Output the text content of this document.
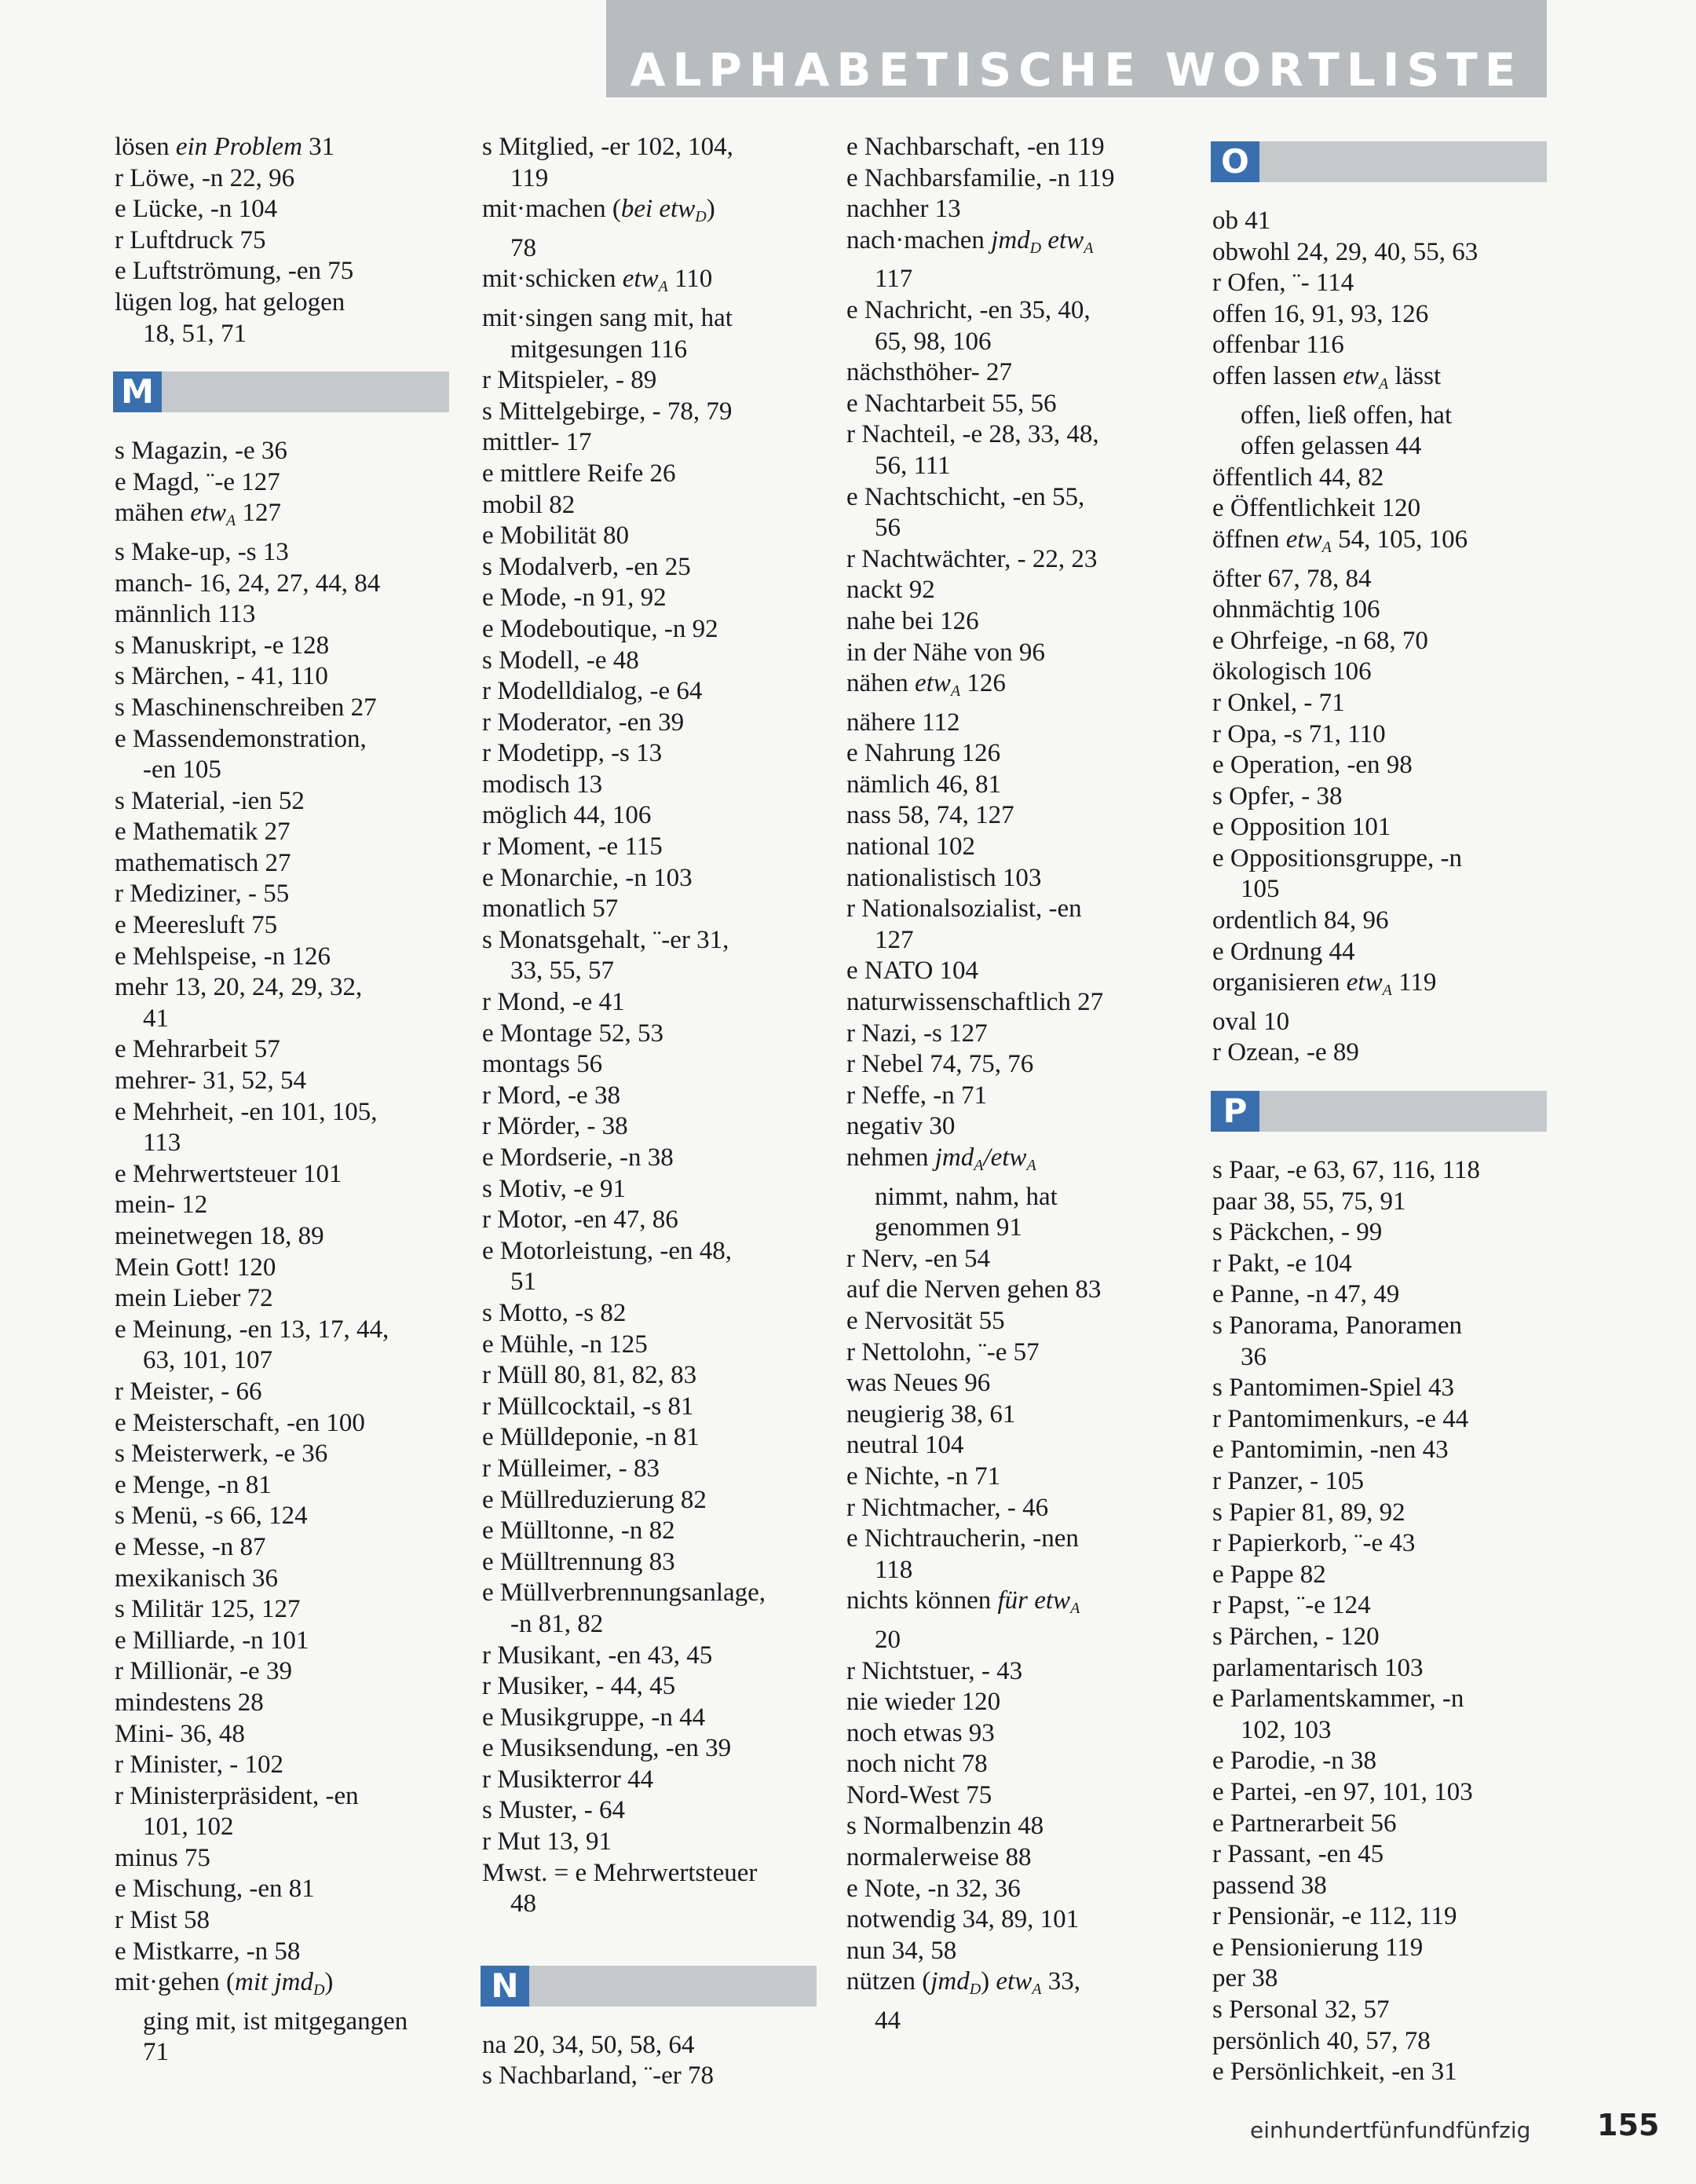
ALPHABETISCHE WORTLISTE
lösen ein Problem 31
r Löwe, -n 22, 96
e Lücke, -n 104
r Luftdruck 75
e Luftströmung, -en 75
lügen log, hat gelogen
18, 51, 71
M
s Magazin, -e 36
e Magd, ¨-e 127
mähen etw$_A$ 127
s Make-up, -s 13
manch- 16, 24, 27, 44, 84
männlich 113
s Manuskript, -e 128
s Märchen, - 41, 110
s Maschinenschreiben 27
e Massendemonstration,
-en 105
s Material, -ien 52
e Mathematik 27
mathematisch 27
r Mediziner, - 55
e Meeresluft 75
e Mehlspeise, -n 126
mehr 13, 20, 24, 29, 32,
41
e Mehrarbeit 57
mehrer- 31, 52, 54
e Mehrheit, -en 101, 105,
113
e Mehrwertsteuer 101
mein- 12
meinetwegen 18, 89
Mein Gott! 120
mein Lieber 72
e Meinung, -en 13, 17, 44,
63, 101, 107
r Meister, - 66
e Meisterschaft, -en 100
s Meisterwerk, -e 36
e Menge, -n 81
s Menü, -s 66, 124
e Messe, -n 87
mexikanisch 36
s Militär 125, 127
e Milliarde, -n 101
r Millionär, -e 39
mindestens 28
Mini- 36, 48
r Minister, - 102
r Ministerpräsident, -en
101, 102
minus 75
e Mischung, -en 81
r Mist 58
e Mistkarre, -n 58
mit·gehen (mit jmd$_D$)
ging mit, ist mitgegangen
71
s Mitglied, -er 102, 104,
119
mit·machen (bei etw$_D$)
78
mit·schicken etw$_A$ 110
mit·singen sang mit, hat
mitgesungen 116
r Mitspieler, - 89
s Mittelgebirge, - 78, 79
mittler- 17
e mittlere Reife 26
mobil 82
e Mobilität 80
s Modalverb, -en 25
e Mode, -n 91, 92
e Modeboutique, -n 92
s Modell, -e 48
r Modelldialog, -e 64
r Moderator, -en 39
r Modetipp, -s 13
modisch 13
möglich 44, 106
r Moment, -e 115
e Monarchie, -n 103
monatlich 57
s Monatsgehalt, ¨-er 31,
33, 55, 57
r Mond, -e 41
e Montage 52, 53
montags 56
r Mord, -e 38
r Mörder, - 38
e Mordserie, -n 38
s Motiv, -e 91
r Motor, -en 47, 86
e Motorleistung, -en 48,
51
s Motto, -s 82
e Mühle, -n 125
r Müll 80, 81, 82, 83
r Müllcocktail, -s 81
e Mülldeponie, -n 81
r Mülleimer, - 83
e Müllreduzierung 82
e Mülltonne, -n 82
e Mülltrennung 83
e Müllverbrennungsanlage,
-n 81, 82
r Musikant, -en 43, 45
r Musiker, - 44, 45
e Musikgruppe, -n 44
e Musiksendung, -en 39
r Musikterror 44
s Muster, - 64
r Mut 13, 91
Mwst. = e Mehrwertsteuer
48
N
na 20, 34, 50, 58, 64
s Nachbarland, ¨-er 78
e Nachbarschaft, -en 119
e Nachbarsfamilie, -n 119
nachher 13
nach·machen jmd$_D$ etw$_A$
117
e Nachricht, -en 35, 40,
65, 98, 106
nächsthöher- 27
e Nachtarbeit 55, 56
r Nachteil, -e 28, 33, 48,
56, 111
e Nachtschicht, -en 55,
56
r Nachtwächter, - 22, 23
nackt 92
nahe bei 126
in der Nähe von 96
nähen etw$_A$ 126
nähere 112
e Nahrung 126
nämlich 46, 81
nass 58, 74, 127
national 102
nationalistisch 103
r Nationalsozialist, -en
127
e NATO 104
naturwissenschaftlich 27
r Nazi, -s 127
r Nebel 74, 75, 76
r Neffe, -n 71
negativ 30
nehmen jmd$_A$/etw$_A$
nimmt, nahm, hat
genommen 91
r Nerv, -en 54
auf die Nerven gehen 83
e Nervosität 55
r Nettolohn, ¨-e 57
was Neues 96
neugierig 38, 61
neutral 104
e Nichte, -n 71
r Nichtmacher, - 46
e Nichtraucherin, -nen
118
nichts können für etw$_A$
20
r Nichtstuer, - 43
nie wieder 120
noch etwas 93
noch nicht 78
Nord-West 75
s Normalbenzin 48
normalerweise 88
e Note, -n 32, 36
notwendig 34, 89, 101
nun 34, 58
nützen (jmd$_D$) etw$_A$ 33,
44
O
ob 41
obwohl 24, 29, 40, 55, 63
r Ofen, ¨- 114
offen 16, 91, 93, 126
offenbar 116
offen lassen etw$_A$ lässt
offen, ließ offen, hat
offen gelassen 44
öffentlich 44, 82
e Öffentlichkeit 120
öffnen etw$_A$ 54, 105, 106
öfter 67, 78, 84
ohnmächtig 106
e Ohrfeige, -n 68, 70
ökologisch 106
r Onkel, - 71
r Opa, -s 71, 110
e Operation, -en 98
s Opfer, - 38
e Opposition 101
e Oppositionsgruppe, -n
105
ordentlich 84, 96
e Ordnung 44
organisieren etw$_A$ 119
oval 10
r Ozean, -e 89
P
s Paar, -e 63, 67, 116, 118
paar 38, 55, 75, 91
s Päckchen, - 99
r Pakt, -e 104
e Panne, -n 47, 49
s Panorama, Panoramen
36
s Pantomimen-Spiel 43
r Pantomimenkurs, -e 44
e Pantomimin, -nen 43
r Panzer, - 105
s Papier 81, 89, 92
r Papierkorb, ¨-e 43
e Pappe 82
r Papst, ¨-e 124
s Pärchen, - 120
parlamentarisch 103
e Parlamentskammer, -n
102, 103
e Parodie, -n 38
e Partei, -en 97, 101, 103
e Partnerarbeit 56
r Passant, -en 45
passend 38
r Pensionär, -e 112, 119
e Pensionierung 119
per 38
s Personal 32, 57
persönlich 40, 57, 78
e Persönlichkeit, -en 31
einhundertfünfundfünfzig 155
